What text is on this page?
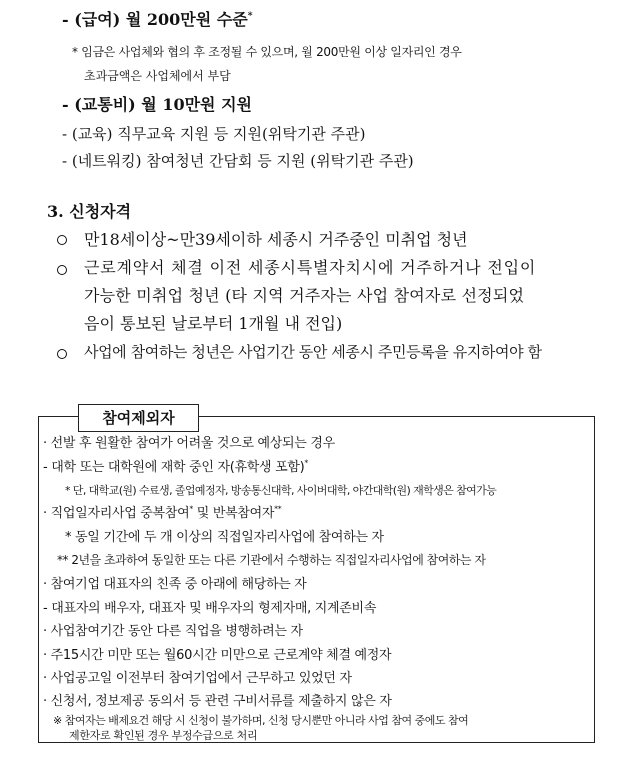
- (급여) 월 200만원 수준*
* 임금은 사업체와 협의 후 조정될 수 있으며, 월 200만원 이상 일자리인 경우
초과금액은 사업체에서 부담
- (교통비) 월 10만원 지원
- (교육) 직무교육 지원 등 지원(위탁기관 주관)
- (네트워킹) 참여청년 간담회 등 지원 (위탁기관 주관)
3. 신청자격
만18세이상~만39세이하 세종시 거주중인 미취업 청년
근로계약서 체결 이전 세종시특별자치시에 거주하거나 전입이
가능한 미취업 청년 (타 지역 거주자는 사업 참여자로 선정되었
음이 통보된 날로부터 1개월 내 전입)
사업에 참여하는 청년은 사업기간 동안 세종시 주민등록을 유지하여야 함
· 선발 후 원활한 참여가 어려울 것으로 예상되는 경우
- 대학 또는 대학원에 재학 중인 자(휴학생 포함)*
* 단, 대학교(원) 수료생, 졸업예정자, 방송통신대학, 사이버대학, 야간대학(원) 재학생은 참여가능
· 직업일자리사업 중복참여* 및 반복참여자**
* 동일 기간에 두 개 이상의 직접일자리사업에 참여하는 자
** 2년을 초과하여 동일한 또는 다른 기관에서 수행하는 직접일자리사업에 참여하는 자
· 참여기업 대표자의 친족 중 아래에 해당하는 자
- 대표자의 배우자, 대표자 및 배우자의 형제자매, 지계존비속
· 사업참여기간 동안 다른 직업을 병행하려는 자
· 주15시간 미만 또는 월60시간 미만으로 근로계약 체결 예정자
· 사업공고일 이전부터 참여기업에서 근무하고 있었던 자
· 신청서, 정보제공 동의서 등 관련 구비서류를 제출하지 않은 자
※ 참여자는 배제요건 해당 시 신청이 불가하며, 신청 당시뿐만 아니라 사업 참여 중에도 참여
제한자로 확인된 경우 부정수급으로 처리
참여제외자
